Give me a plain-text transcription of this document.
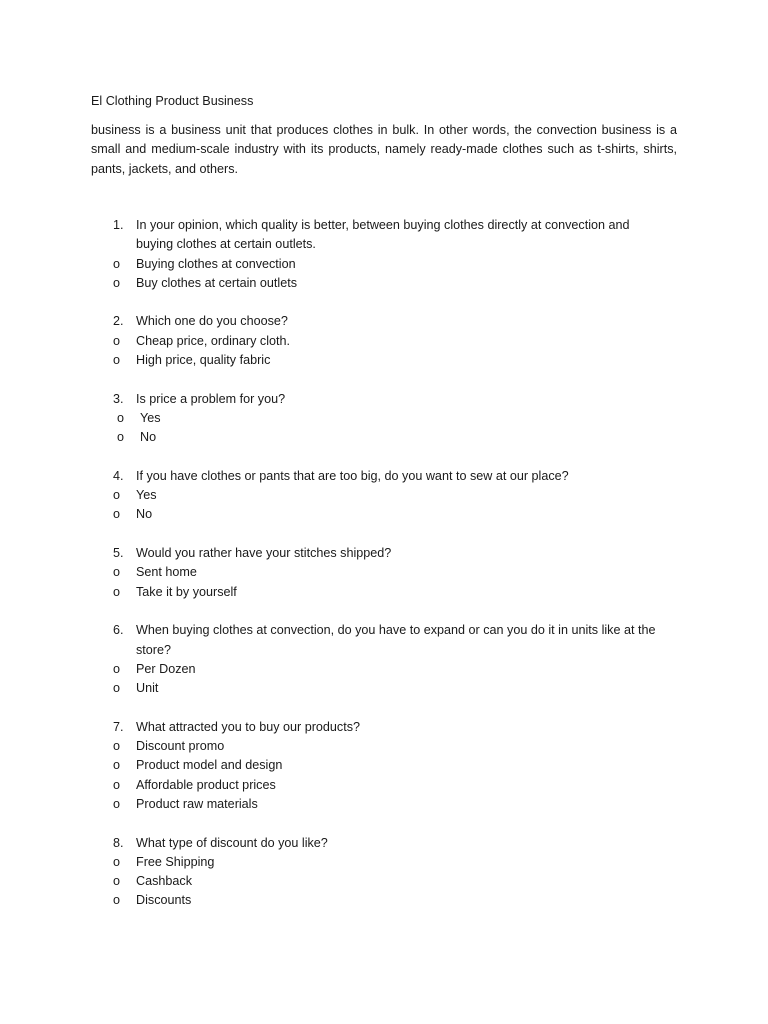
El Clothing Product Business
business is a business unit that produces clothes in bulk. In other words, the convection business is a small and medium-scale industry with its products, namely ready-made clothes such as t-shirts, shirts, pants, jackets, and others.
1. In your opinion, which quality is better, between buying clothes directly at convection and buying clothes at certain outlets.
o Buying clothes at convection
o Buy clothes at certain outlets
2. Which one do you choose?
o Cheap price, ordinary cloth.
o High price, quality fabric
3. Is price a problem for you?
o Yes
o No
4. If you have clothes or pants that are too big, do you want to sew at our place?
o Yes
o No
5. Would you rather have your stitches shipped?
o Sent home
o Take it by yourself
6. When buying clothes at convection, do you have to expand or can you do it in units like at the store?
o Per Dozen
o Unit
7. What attracted you to buy our products?
o Discount promo
o Product model and design
o Affordable product prices
o Product raw materials
8. What type of discount do you like?
o Free Shipping
o Cashback
o Discounts
